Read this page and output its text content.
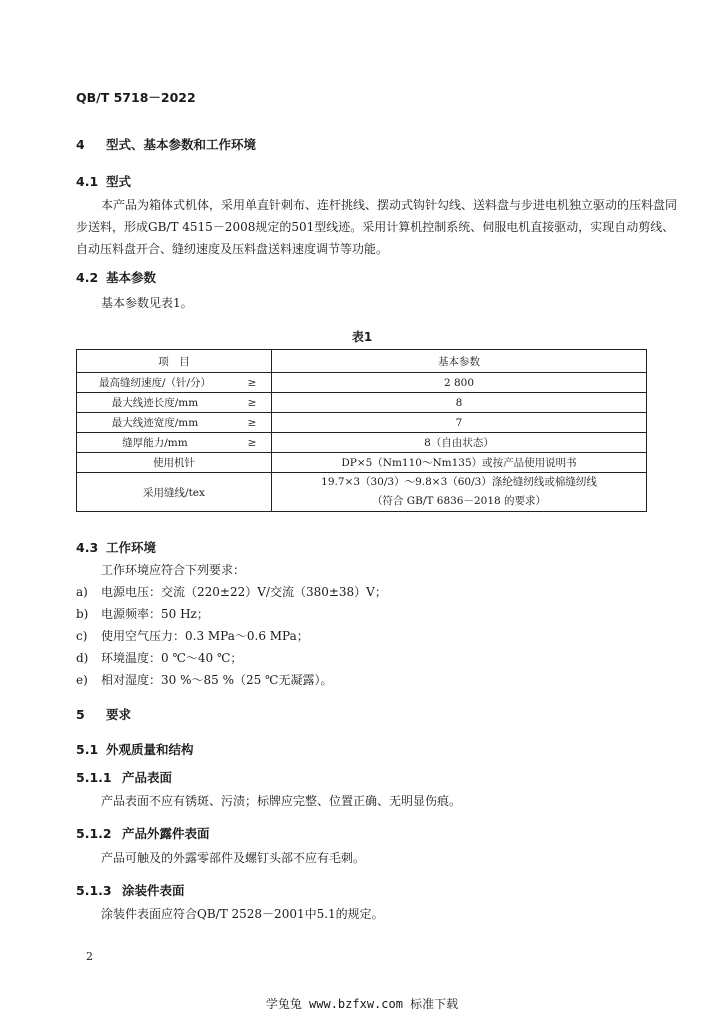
QB/T 5718－2022
4 型式、基本参数和工作环境
4.1 型式
本产品为箱体式机体，采用单直针刺布、连杆挑线、摆动式钩针勾线、送料盘与步进电机独立驱动的压料盘同步送料，形成GB/T 4515－2008规定的501型线迹。采用计算机控制系统、伺服电机直接驱动，实现自动剪线、自动压料盘开合、缝纫速度及压料盘送料速度调节等功能。
4.2 基本参数
基本参数见表1。
表1
项　目		基本参数
最高缝纫速度/（针/分）	≥	2 800
最大线迹长度/mm	≥	8
最大线迹宽度/mm	≥	7
缝厚能力/mm	≥	8（自由状态）
使用机针		DP×5（Nm110～Nm135）或按产品使用说明书
采用缝线/tex		19.7×3（30/3）～9.8×3（60/3）涤纶缝纫线或棉缝纫线
（符合 GB/T 6836－2018 的要求）
4.3 工作环境
工作环境应符合下列要求：
a) 电源电压：交流（220±22）V/交流（380±38）V；
b) 电源频率：50 Hz；
c) 使用空气压力：0.3 MPa～0.6 MPa；
d) 环境温度：0 ℃～40 ℃；
e) 相对湿度：30 %～85 %（25 ℃无凝露）。
5 要求
5.1 外观质量和结构
5.1.1 产品表面
产品表面不应有锈斑、污渍；标牌应完整、位置正确、无明显伤痕。
5.1.2 产品外露件表面
产品可触及的外露零部件及螺钉头部不应有毛刺。
5.1.3 涂装件表面
涂装件表面应符合QB/T 2528－2001中5.1的规定。
2
学兔兔 www.bzfxw.com 标准下载
